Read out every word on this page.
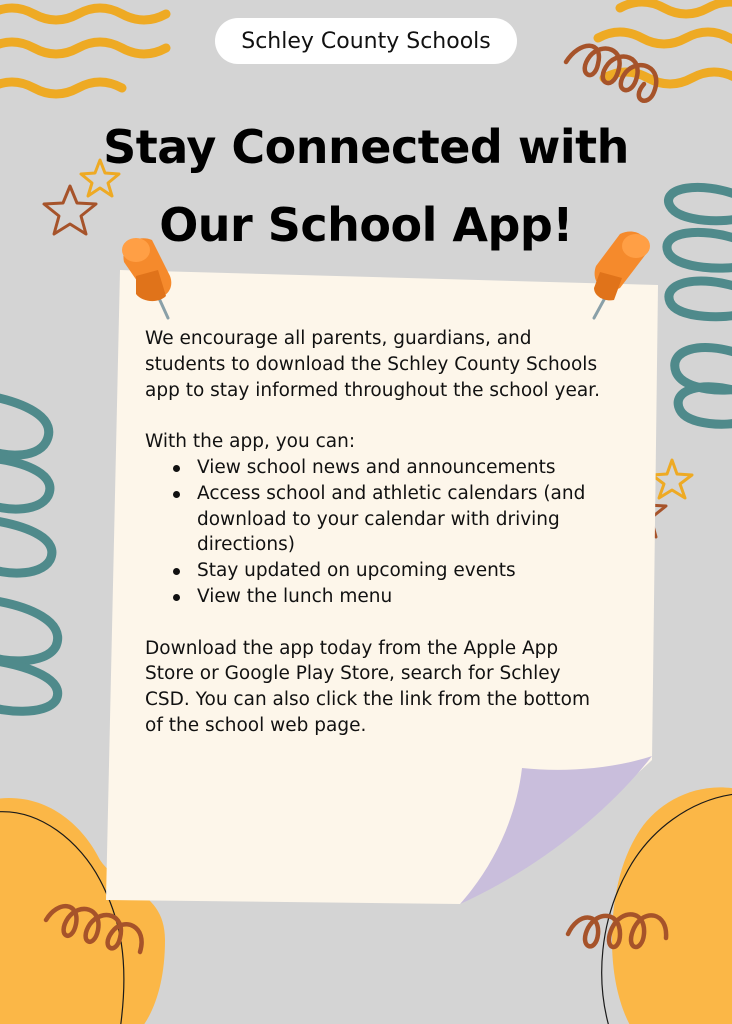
Schley County Schools
Stay Connected with
Our School App!

We encourage all parents, guardians, and students to download the Schley County Schools app to stay informed throughout the school year.

With the app, you can:

View school news and announcements
Access school and athletic calendars (and download to your calendar with driving directions)
Stay updated on upcoming events
View the lunch menu

Download the app today from the Apple App Store or Google Play Store, search for Schley CSD. You can also click the link from the bottom of the school web page.
